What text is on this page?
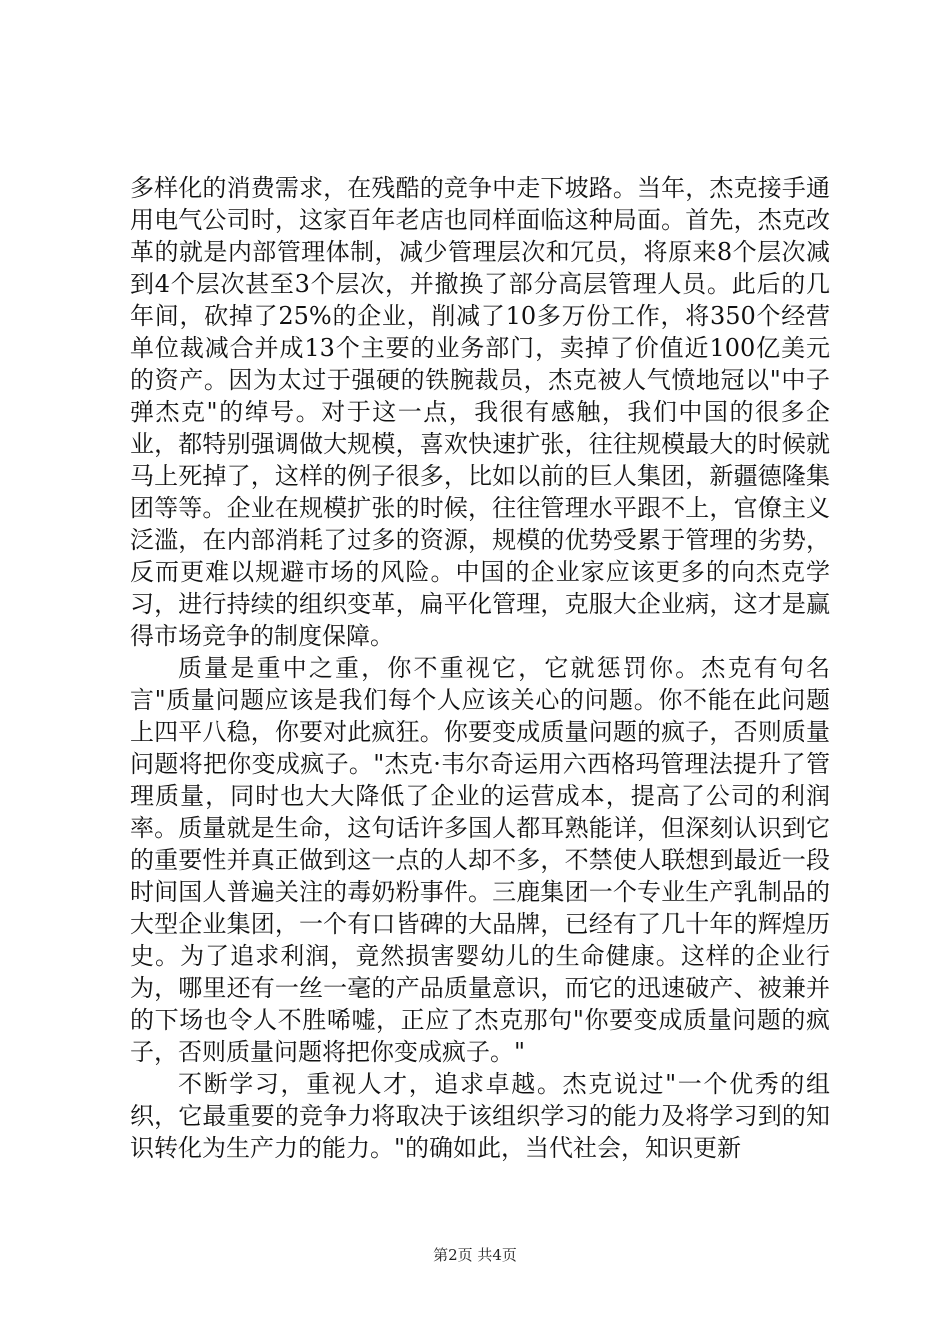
多样化的消费需求，在残酷的竞争中走下坡路。当年，杰克接手通用电气公司时，这家百年老店也同样面临这种局面。首先，杰克改革的就是内部管理体制，减少管理层次和冗员，将原来8个层次减到4个层次甚至3个层次，并撤换了部分高层管理人员。此后的几年间，砍掉了25%的企业，削减了10多万份工作，将350个经营单位裁减合并成13个主要的业务部门，卖掉了价值近100亿美元的资产。因为太过于强硬的铁腕裁员，杰克被人气愤地冠以"中子弹杰克"的绰号。对于这一点，我很有感触，我们中国的很多企业，都特别强调做大规模，喜欢快速扩张，往往规模最大的时候就马上死掉了，这样的例子很多，比如以前的巨人集团，新疆德隆集团等等。企业在规模扩张的时候，往往管理水平跟不上，官僚主义泛滥，在内部消耗了过多的资源，规模的优势受累于管理的劣势，反而更难以规避市场的风险。中国的企业家应该更多的向杰克学习，进行持续的组织变革，扁平化管理，克服大企业病，这才是赢得市场竞争的制度保障。

质量是重中之重，你不重视它，它就惩罚你。杰克有句名言"质量问题应该是我们每个人应该关心的问题。你不能在此问题上四平八稳，你要对此疯狂。你要变成质量问题的疯子，否则质量问题将把你变成疯子。"杰克·韦尔奇运用六西格玛管理法提升了管理质量，同时也大大降低了企业的运营成本，提高了公司的利润率。质量就是生命，这句话许多国人都耳熟能详，但深刻认识到它的重要性并真正做到这一点的人却不多，不禁使人联想到最近一段时间国人普遍关注的毒奶粉事件。三鹿集团一个专业生产乳制品的大型企业集团，一个有口皆碑的大品牌，已经有了几十年的辉煌历史。为了追求利润，竟然损害婴幼儿的生命健康。这样的企业行为，哪里还有一丝一毫的产品质量意识，而它的迅速破产、被兼并的下场也令人不胜唏嘘，正应了杰克那句"你要变成质量问题的疯子，否则质量问题将把你变成疯子。"

不断学习，重视人才，追求卓越。杰克说过"一个优秀的组织，它最重要的竞争力将取决于该组织学习的能力及将学习到的知识转化为生产力的能力。"的确如此，当代社会，知识更新

第2页 共4页
